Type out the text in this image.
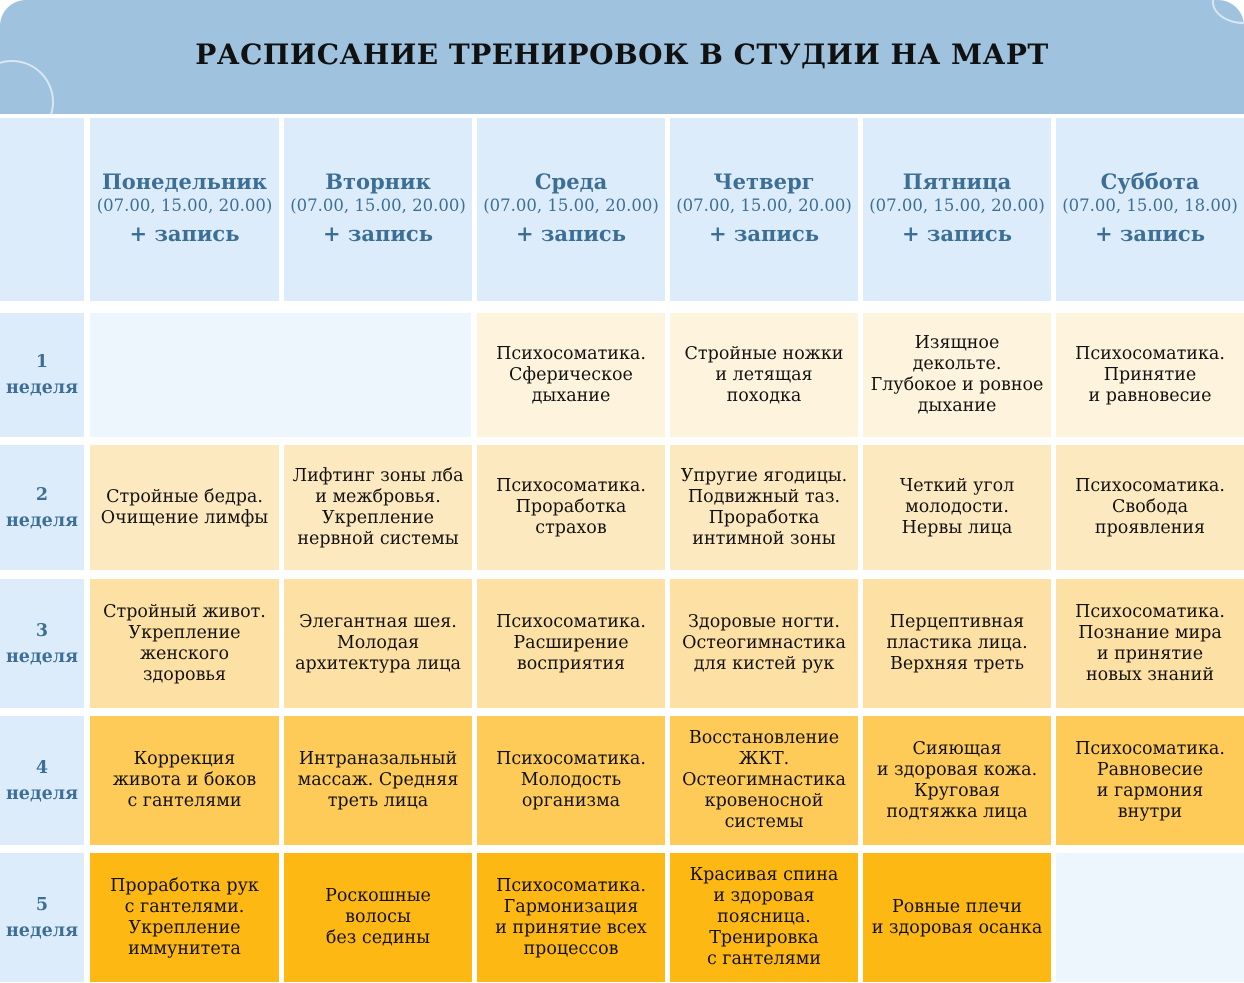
РАСПИСАНИЕ ТРЕНИРОВОК В СТУДИИ НА МАРТ
Понедельник
(07.00, 15.00, 20.00)
+ запись
Вторник
(07.00, 15.00, 20.00)
+ запись
Среда
(07.00, 15.00, 20.00)
+ запись
Четверг
(07.00, 15.00, 20.00)
+ запись
Пятница
(07.00, 15.00, 20.00)
+ запись
Суббота
(07.00, 15.00, 18.00)
+ запись
1
неделя
Психосоматика.
Сферическое
дыхание
Стройные ножки
и летящая походка
Изящное декольте.
Глубокое и ровное
дыхание
Психосоматика.
Принятие
и равновесие
2
неделя
Стройные бедра.
Очищение лимфы
Лифтинг зоны лба
и межбровья.
Укрепление
нервной системы
Психосоматика.
Проработка
страхов
Упругие ягодицы.
Подвижный таз.
Проработка
интимной зоны
Четкий угол
молодости.
Нервы лица
Психосоматика.
Свобода
проявления
3
неделя
Стройный живот.
Укрепление
женского
здоровья
Элегантная шея.
Молодая
архитектура лица
Психосоматика.
Расширение
восприятия
Здоровые ногти.
Остеогимнастика
для кистей рук
Перцептивная
пластика лица.
Верхняя треть
Психосоматика.
Познание мира
и принятие
новых знаний
4
неделя
Коррекция
живота и боков
с гантелями
Интраназальный
массаж. Средняя
треть лица
Психосоматика.
Молодость
организма
Восстановление
ЖКТ.
Остеогимнастика
кровеносной
системы
Сияющая
и здоровая кожа.
Круговая
подтяжка лица
Психосоматика.
Равновесие
и гармония
внутри
5
неделя
Проработка рук
с гантелями.
Укрепление
иммунитета
Роскошные
волосы
без седины
Психосоматика.
Гармонизация
и принятие всех
процессов
Красивая спина
и здоровая
поясница.
Тренировка
с гантелями
Ровные плечи
и здоровая осанка
